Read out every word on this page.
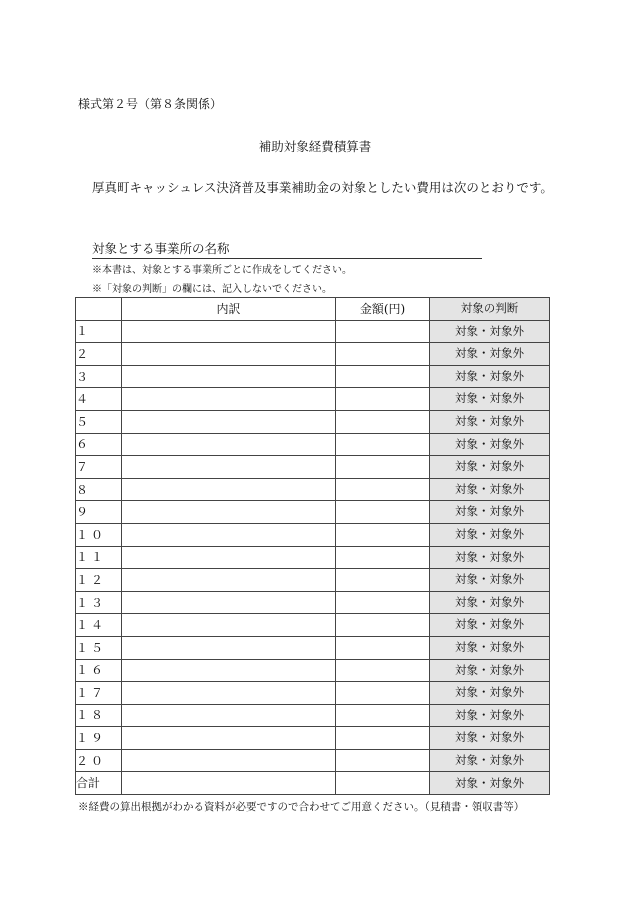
様式第２号（第８条関係）
補助対象経費積算書
厚真町キャッシュレス決済普及事業補助金の対象としたい費用は次のとおりです。
対象とする事業所の名称
※本書は、対象とする事業所ごとに作成をしてください。
※「対象の判断」の欄には、記入しないでください。
	内訳	金額(円)	対象の判断
１			対象・対象外
２			対象・対象外
３			対象・対象外
４			対象・対象外
５			対象・対象外
６			対象・対象外
７			対象・対象外
８			対象・対象外
９			対象・対象外
１０			対象・対象外
１１			対象・対象外
１２			対象・対象外
１３			対象・対象外
１４			対象・対象外
１５			対象・対象外
１６			対象・対象外
１７			対象・対象外
１８			対象・対象外
１９			対象・対象外
２０			対象・対象外
合計			対象・対象外
※経費の算出根拠がわかる資料が必要ですので合わせてご用意ください。（見積書・領収書等）
